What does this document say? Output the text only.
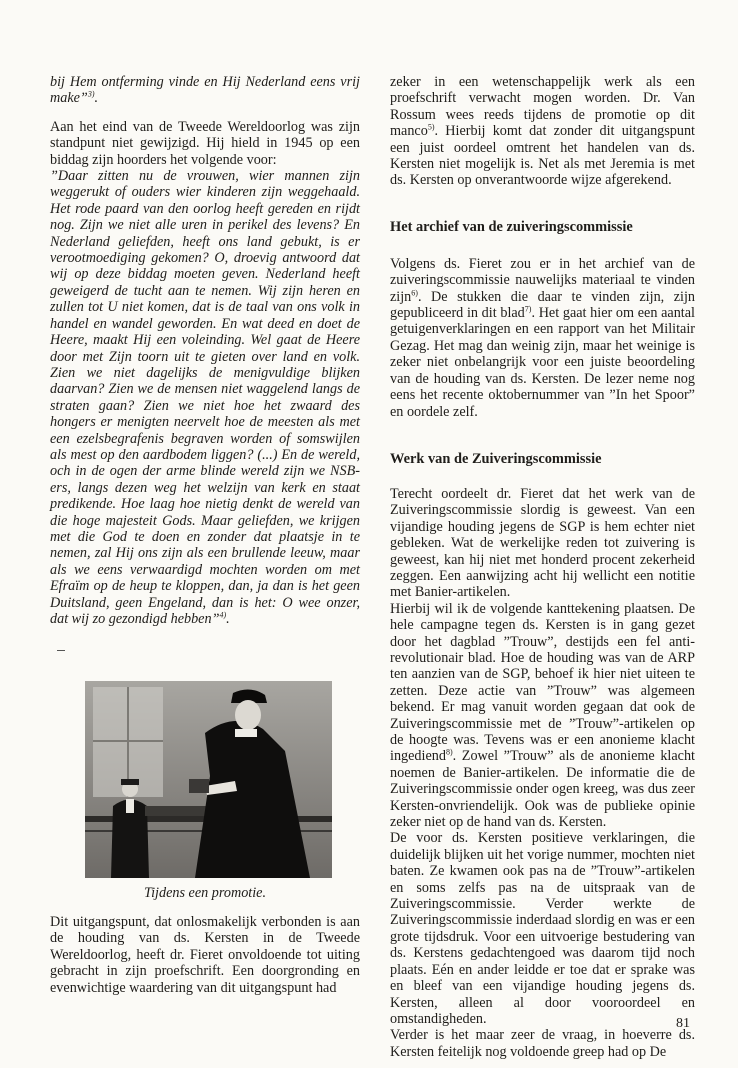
bij Hem ontferming vinde en Hij Nederland eens vrij make”$^{3)}$.

Aan het eind van de Tweede Wereldoorlog was zijn standpunt niet gewijzigd. Hij hield in 1945 op een biddag zijn hoorders het volgende voor:

”Daar zitten nu de vrouwen, wier mannen zijn weggerukt of ouders wier kinderen zijn weggehaald. Het rode paard van den oorlog heeft gereden en rijdt nog. Zijn we niet alle uren in perikel des levens? En Nederland geliefden, heeft ons land gebukt, is er verootmoediging gekomen? O, droevig antwoord dat wij op deze biddag moeten geven. Nederland heeft geweigerd de tucht aan te nemen. Wij zijn heren en zullen tot U niet komen, dat is de taal van ons volk in handel en wandel geworden. En wat deed en doet de Heere, maakt Hij een voleinding. Wel gaat de Heere door met Zijn toorn uit te gieten over land en volk. Zien we niet dagelijks de menigvuldige blijken daarvan? Zien we de mensen niet waggelend langs de straten gaan? Zien we niet hoe het zwaard des hongers er menigten neervelt hoe de meesten als met een ezelsbegrafenis begraven worden of somswijlen als mest op den aardbodem liggen? (...) En de wereld, och in de ogen der arme blinde wereld zijn we NSB-ers, langs dezen weg het welzijn van kerk en staat predikende. Hoe laag hoe nietig denkt de wereld van die hoge majesteit Gods. Maar geliefden, we krijgen met die God te doen en zonder dat plaatsje in te nemen, zal Hij ons zijn als een brullende leeuw, maar als we eens verwaardigd mochten worden om met Efraïm op de heup te kloppen, dan, ja dan is het geen Duitsland, geen Engeland, dan is het: O wee onzer, dat wij zo gezondigd hebben”$^{4)}$.

Tijdens een promotie.
Dit uitgangspunt, dat onlosmakelijk verbonden is aan de houding van ds. Kersten in de Tweede Wereldoorlog, heeft dr. Fieret onvoldoende tot uiting gebracht in zijn proefschrift. Een doorgronding en evenwichtige waardering van dit uitgangspunt had

zeker in een wetenschappelijk werk als een proefschrift verwacht mogen worden. Dr. Van Rossum wees reeds tijdens de promotie op dit manco$^{5)}$. Hierbij komt dat zonder dit uitgangspunt een juist oordeel omtrent het handelen van ds. Kersten niet mogelijk is. Net als met Jeremia is met ds. Kersten op onverantwoorde wijze afgerekend.

Het archief van de zuiveringscommissie

Volgens ds. Fieret zou er in het archief van de zuiveringscommissie nauwelijks materiaal te vinden zijn$^{6)}$. De stukken die daar te vinden zijn, zijn gepubliceerd in dit blad$^{7)}$. Het gaat hier om een aantal getuigenverklaringen en een rapport van het Militair Gezag. Het mag dan weinig zijn, maar het weinige is zeker niet onbelangrijk voor een juiste beoordeling van de houding van ds. Kersten. De lezer neme nog eens het recente oktobernummer van ”In het Spoor” en oordele zelf.

Werk van de Zuiveringscommissie

Terecht oordeelt dr. Fieret dat het werk van de Zuiveringscommissie slordig is geweest. Van een vijandige houding jegens de SGP is hem echter niet gebleken. Wat de werkelijke reden tot zuivering is geweest, kan hij niet met honderd procent zekerheid zeggen. Een aanwijzing acht hij wellicht een notitie met Banier-artikelen.

Hierbij wil ik de volgende kanttekening plaatsen. De hele campagne tegen ds. Kersten is in gang gezet door het dagblad ”Trouw”, destijds een fel anti-revolutionair blad. Hoe de houding was van de ARP ten aanzien van de SGP, behoef ik hier niet uiteen te zetten. Deze actie van ”Trouw” was algemeen bekend. Er mag vanuit worden gegaan dat ook de Zuiveringscommissie met de ”Trouw”-artikelen op de hoogte was. Tevens was er een anonieme klacht ingediend$^{8)}$. Zowel ”Trouw” als de anonieme klacht noemen de Banier-artikelen. De informatie die de Zuiveringscommissie onder ogen kreeg, was dus zeer Kersten-onvriendelijk. Ook was de publieke opinie zeker niet op de hand van ds. Kersten.

De voor ds. Kersten positieve verklaringen, die duidelijk blijken uit het vorige nummer, mochten niet baten. Ze kwamen ook pas na de ”Trouw”-artikelen en soms zelfs pas na de uitspraak van de Zuiveringscommissie. Verder werkte de Zuiveringscommissie inderdaad slordig en was er een grote tijdsdruk. Voor een uitvoerige bestudering van ds. Kerstens gedachtengoed was daarom tijd noch plaats. Eén en ander leidde er toe dat er sprake was en bleef van een vijandige houding jegens ds. Kersten, alleen al door vooroordeel en omstandigheden.

Verder is het maar zeer de vraag, in hoeverre ds. Kersten feitelijk nog voldoende greep had op De

81
